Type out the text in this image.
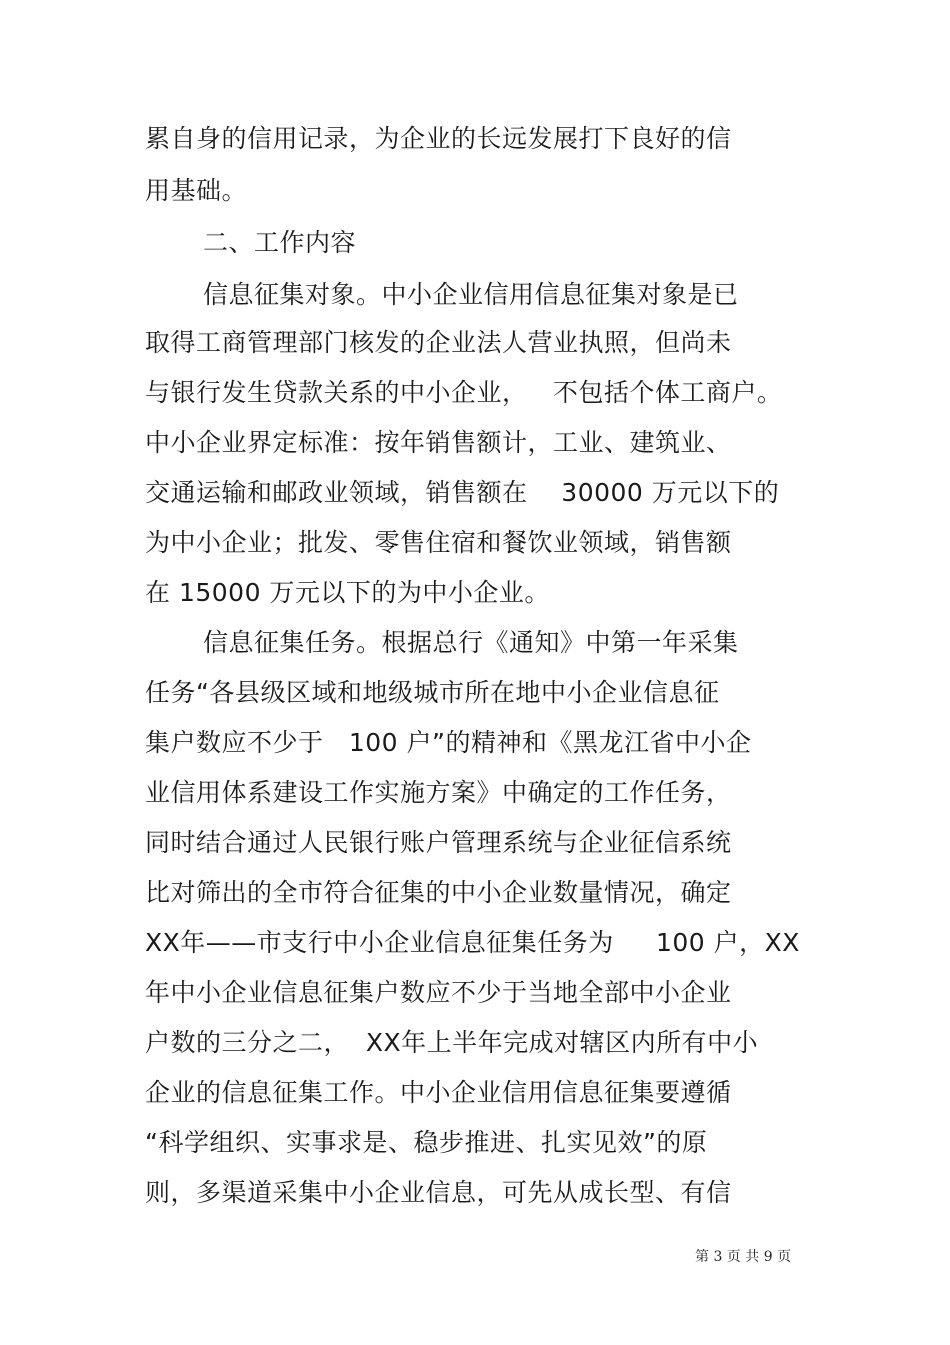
累自身的信用记录，为企业的长远发展打下良好的信
用基础。
二、工作内容
信息征集对象。中小企业信用信息征集对象是已
取得工商管理部门核发的企业法人营业执照，但尚未
与银行发生贷款关系的中小企业，   不包括个体工商户。
中小企业界定标准：按年销售额计，工业、建筑业、
交通运输和邮政业领域，销售额在    30000 万元以下的
为中小企业；批发、零售住宿和餐饮业领域，销售额
在 15000 万元以下的为中小企业。
信息征集任务。根据总行《通知》中第一年采集
任务“各县级区域和地级城市所在地中小企业信息征
集户数应不少于   100 户”的精神和《黑龙江省中小企
业信用体系建设工作实施方案》中确定的工作任务，
同时结合通过人民银行账户管理系统与企业征信系统
比对筛出的全市符合征集的中小企业数量情况，确定
XX年——市支行中小企业信息征集任务为     100 户，XX
年中小企业信息征集户数应不少于当地全部中小企业
户数的三分之二，  XX年上半年完成对辖区内所有中小
企业的信息征集工作。中小企业信用信息征集要遵循
“科学组织、实事求是、稳步推进、扎实见效”的原
则，多渠道采集中小企业信息，可先从成长型、有信
第 3 页 共 9 页
